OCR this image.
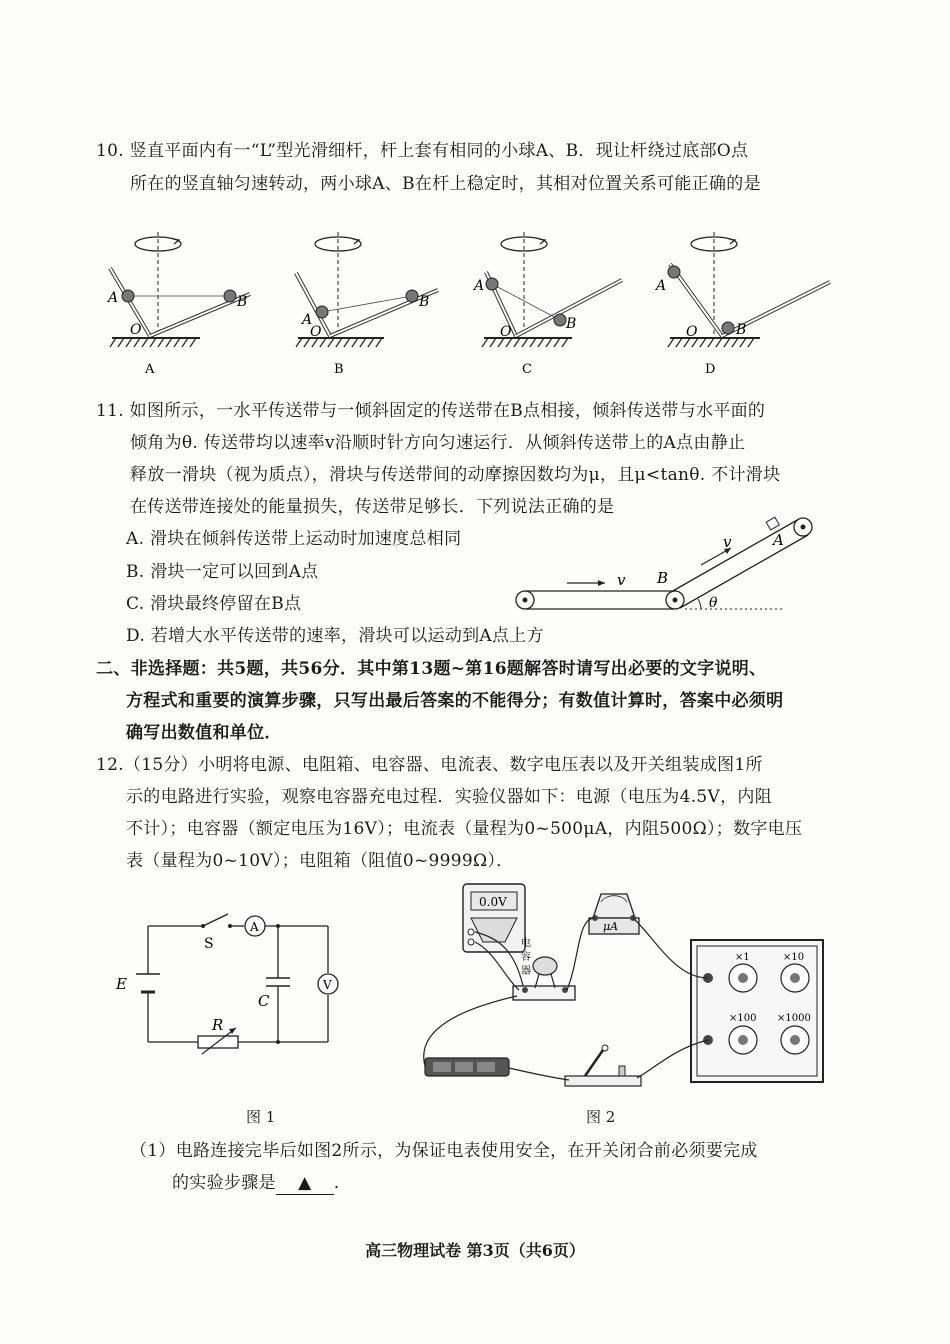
10. 竖直平面内有一“L”型光滑细杆，杆上套有相同的小球A、B．现让杆绕过底部O点
所在的竖直轴匀速转动，两小球A、B在杆上稳定时，其相对位置关系可能正确的是
A	B
O
A
A
B
O
B
A
B
O
C
A
B
O
D
11. 如图所示，一水平传送带与一倾斜固定的传送带在B点相接，倾斜传送带与水平面的
倾角为θ. 传送带均以速率v沿顺时针方向匀速运行．从倾斜传送带上的A点由静止
释放一滑块（视为质点），滑块与传送带间的动摩擦因数均为μ，且μ<tanθ. 不计滑块
在传送带连接处的能量损失，传送带足够长．下列说法正确的是
A. 滑块在倾斜传送带上运动时加速度总相同
B. 滑块一定可以回到A点
C. 滑块最终停留在B点
D. 若增大水平传送带的速率，滑块可以运动到A点上方
v
v	A
B
θ
二、非选择题：共5题，共56分．其中第13题~第16题解答时请写出必要的文字说明、
方程式和重要的演算步骤，只写出最后答案的不能得分；有数值计算时，答案中必须明
确写出数值和单位．
12.（15分）小明将电源、电阻箱、电容器、电流表、数字电压表以及开关组装成图1所
示的电路进行实验，观察电容器充电过程．实验仪器如下：电源（电压为4.5V，内阻
不计）；电容器（额定电压为16V）；电流表（量程为0~500μA，内阻500Ω）；数字电压
表（量程为0~10V）；电阻箱（阻值0~9999Ω）．
S
A
V
E
C
R
图 1
0.0V
μA
电
容
器
×1	×10
×100 ×1000
图 2
（1）电路连接完毕后如图2所示，为保证电表使用安全，在开关闭合前必须要完成
的实验步骤是 ▲ ．
高三物理试卷 第3页（共6页）
